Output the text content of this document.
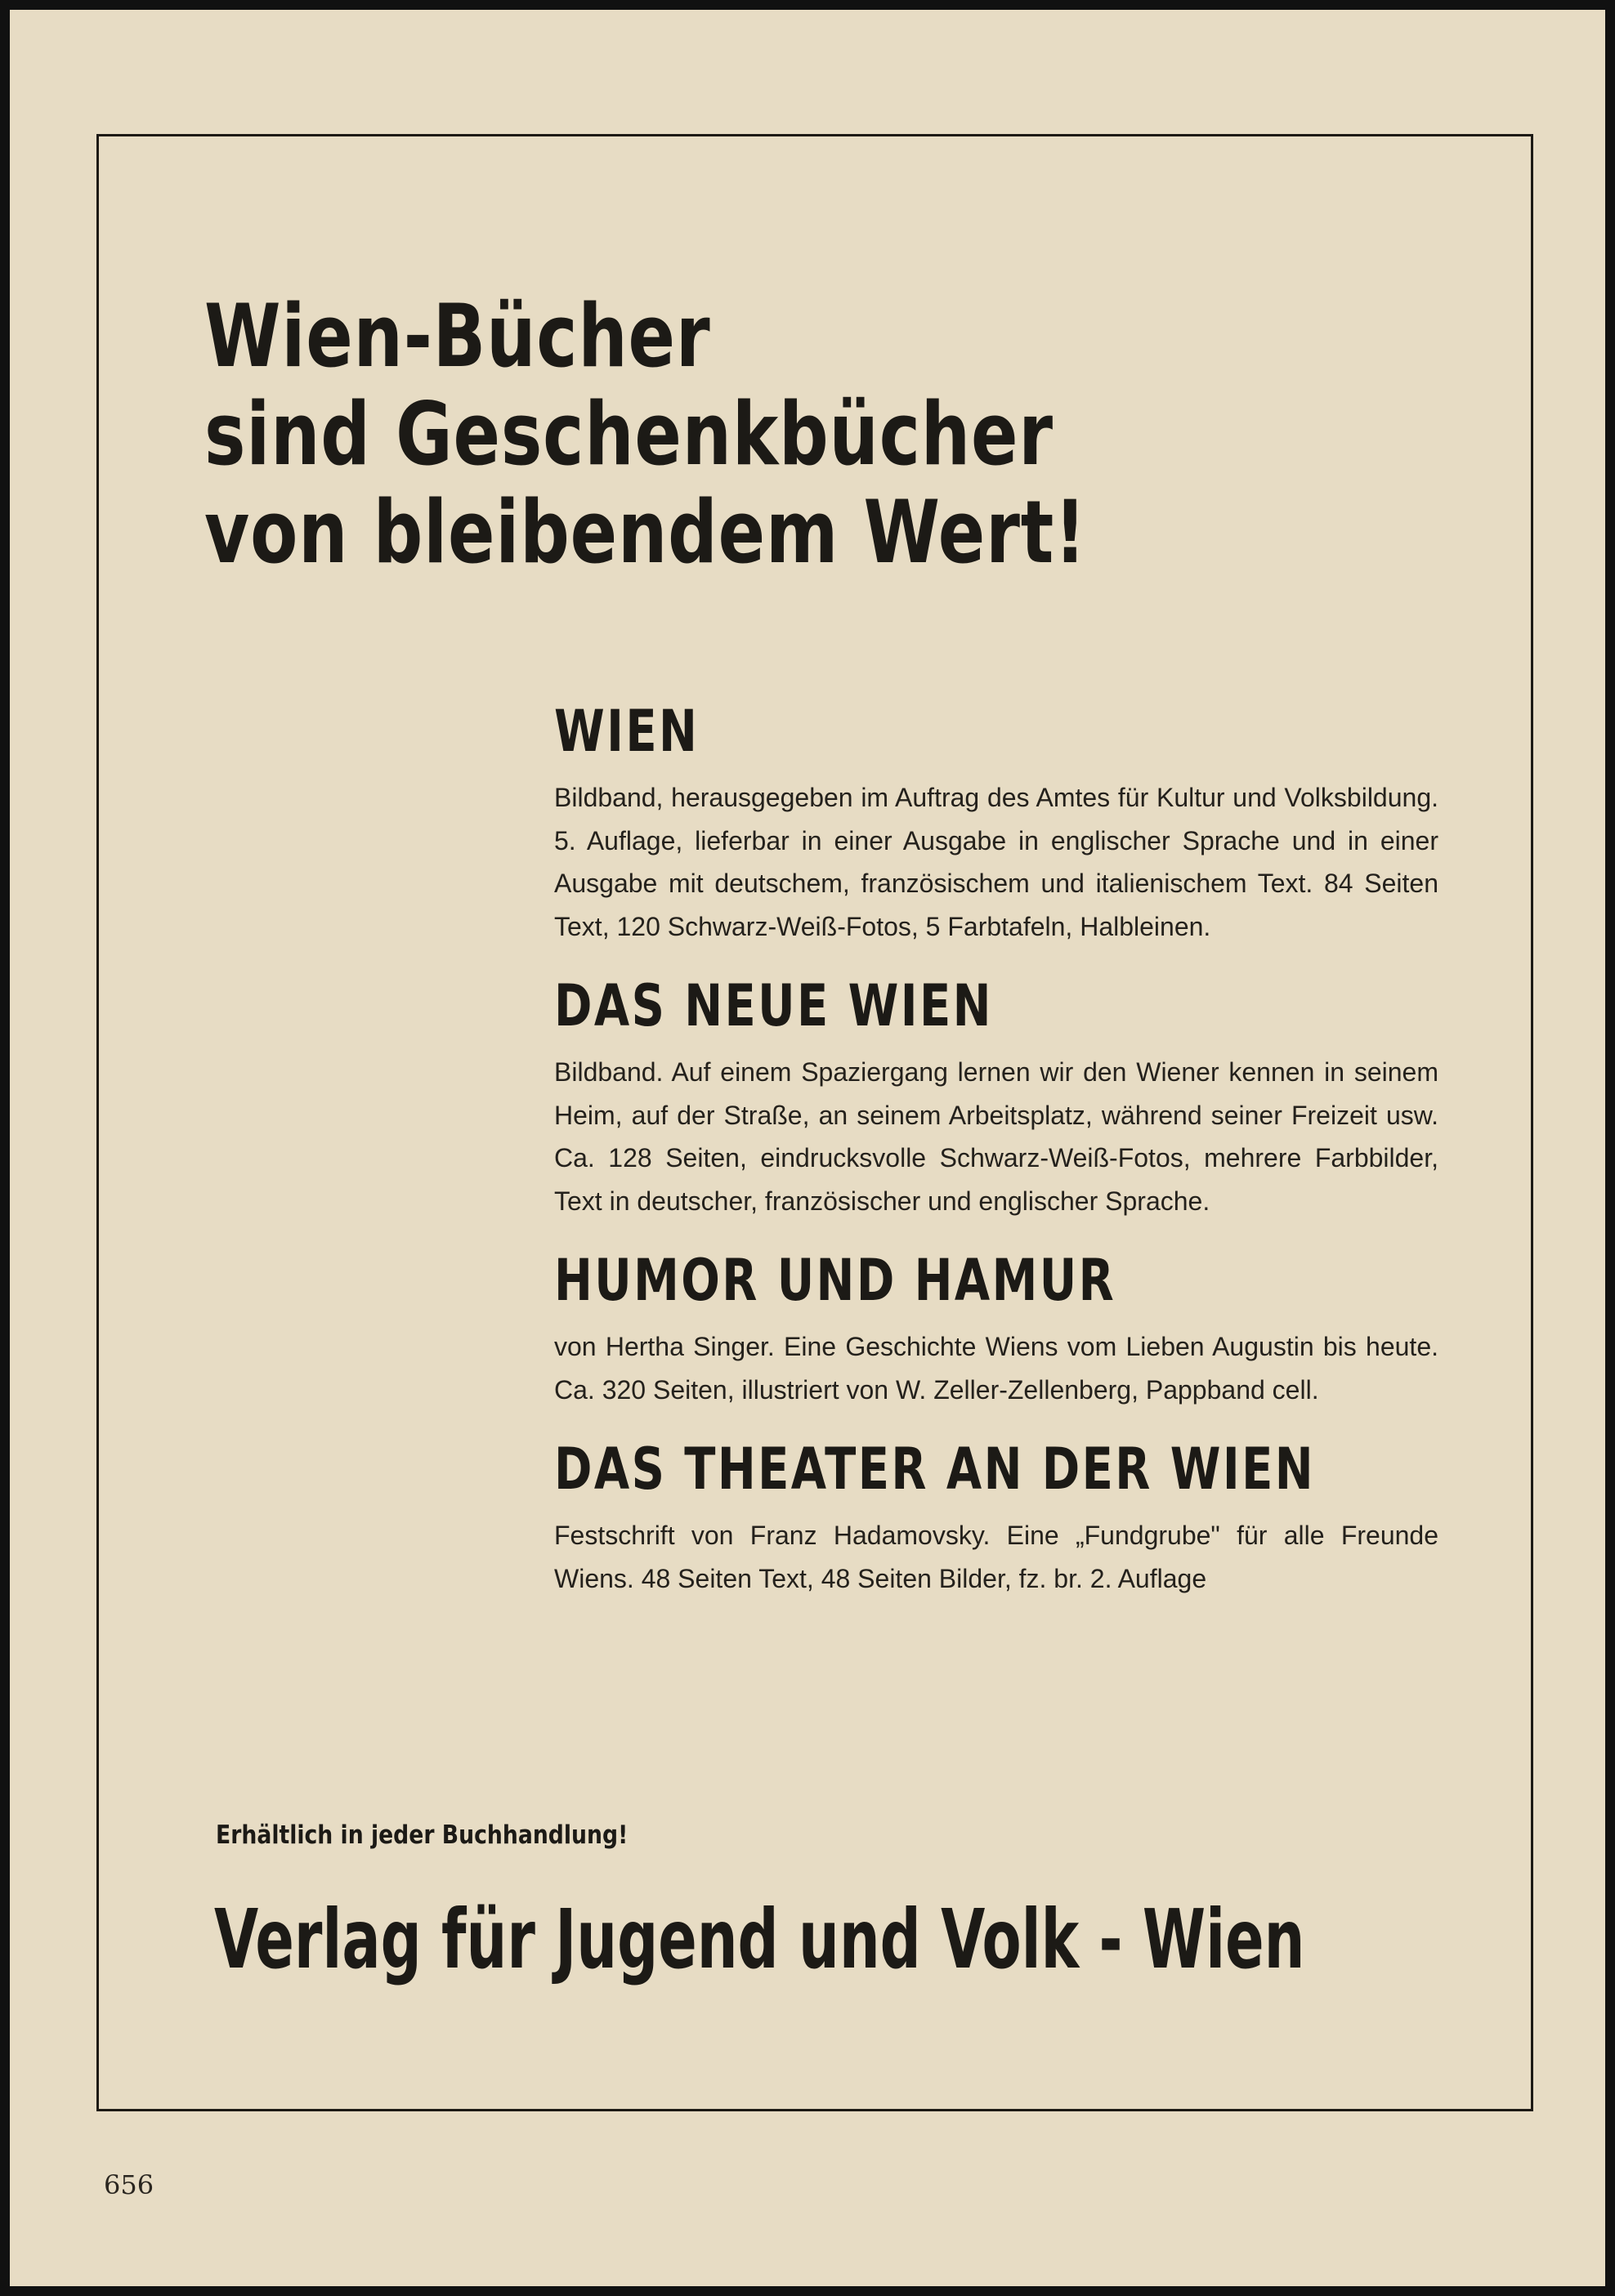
Wien-Bücher
sind Geschenkbücher
von bleibendem Wert!
WIEN

Bildband, herausgegeben im Auftrag des Amtes für Kultur und Volksbildung. 5. Auflage, lieferbar in einer Ausgabe in englischer Sprache und in einer Ausgabe mit deutschem, französischem und italienischem Text. 84 Seiten Text, 120 Schwarz-Weiß-Fotos, 5 Farbtafeln, Halbleinen.

DAS NEUE WIEN

Bildband. Auf einem Spaziergang lernen wir den Wiener kennen in seinem Heim, auf der Straße, an seinem Arbeitsplatz, während seiner Freizeit usw. Ca. 128 Seiten, eindrucksvolle Schwarz-Weiß-Fotos, mehrere Farbbilder, Text in deutscher, französischer und englischer Sprache.

HUMOR UND HAMUR

von Hertha Singer. Eine Geschichte Wiens vom Lieben Augustin bis heute. Ca. 320 Seiten, illustriert von W. Zeller-Zellenberg, Pappband cell.

DAS THEATER AN DER WIEN

Festschrift von Franz Hadamovsky. Eine „Fundgrube" für alle Freunde Wiens. 48 Seiten Text, 48 Seiten Bilder, fz. br. 2. Auflage

Erhältlich in jeder Buchhandlung!

Verlag für Jugend und Volk - Wien

656
